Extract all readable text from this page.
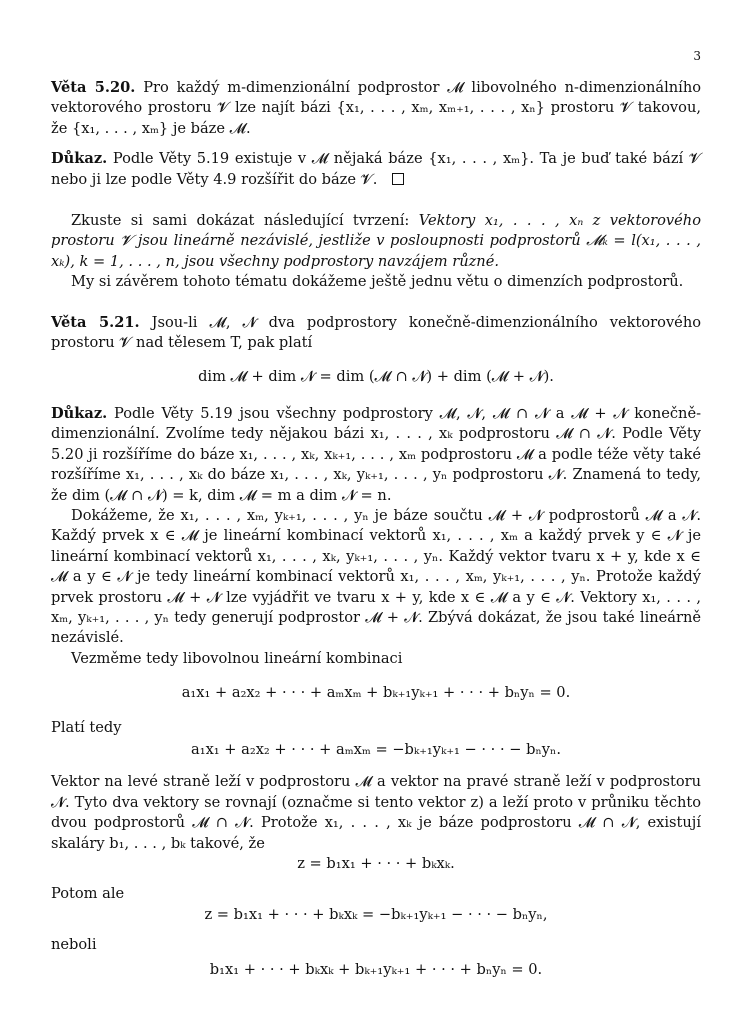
3

Věta 5.20. Pro každý m-dimenzionální podprostor 𝓜 libovolného n-dimenzionálního vektorového prostoru 𝓥 lze najít bázi {x₁, . . . , xₘ, xₘ₊₁, . . . , xₙ} prostoru 𝓥 takovou, že {x₁, . . . , xₘ} je báze 𝓜.

Důkaz. Podle Věty 5.19 existuje v 𝓜 nějaká báze {x₁, . . . , xₘ}. Ta je buď také bází 𝓥 nebo ji lze podle Věty 4.9 rozšířit do báze 𝓥.

Zkuste si sami dokázat následující tvrzení: Vektory x₁, . . . , xₙ z vektorového prostoru 𝓥 jsou lineárně nezávislé, jestliže v posloupnosti podprostorů 𝓜ₖ = l(x₁, . . . , xₖ), k = 1, . . . , n, jsou všechny podprostory navzájem různé.

My si závěrem tohoto tématu dokážeme ještě jednu větu o dimenzích podprostorů.

Věta 5.21. Jsou-li 𝓜, 𝓝 dva podprostory konečně-dimenzionálního vektorového prostoru 𝓥 nad tělesem T, pak platí

dim 𝓜 + dim 𝓝 = dim (𝓜 ∩ 𝓝) + dim (𝓜 + 𝓝).

Důkaz. Podle Věty 5.19 jsou všechny podprostory 𝓜, 𝓝, 𝓜 ∩ 𝓝 a 𝓜 + 𝓝 konečně-dimenzionální. Zvolíme tedy nějakou bázi x₁, . . . , xₖ podprostoru 𝓜 ∩ 𝓝. Podle Věty 5.20 ji rozšíříme do báze x₁, . . . , xₖ, xₖ₊₁, . . . , xₘ podprostoru 𝓜 a podle téže věty také rozšíříme x₁, . . . , xₖ do báze x₁, . . . , xₖ, yₖ₊₁, . . . , yₙ podprostoru 𝓝. Znamená to tedy, že dim (𝓜 ∩ 𝓝) = k, dim 𝓜 = m a dim 𝓝 = n.

Dokážeme, že x₁, . . . , xₘ, yₖ₊₁, . . . , yₙ je báze součtu 𝓜 + 𝓝 podprostorů 𝓜 a 𝓝. Každý prvek x ∈ 𝓜 je lineární kombinací vektorů x₁, . . . , xₘ a každý prvek y ∈ 𝓝 je lineární kombinací vektorů x₁, . . . , xₖ, yₖ₊₁, . . . , yₙ. Každý vektor tvaru x + y, kde x ∈ 𝓜 a y ∈ 𝓝 je tedy lineární kombinací vektorů x₁, . . . , xₘ, yₖ₊₁, . . . , yₙ. Protože každý prvek prostoru 𝓜 + 𝓝 lze vyjádřit ve tvaru x + y, kde x ∈ 𝓜 a y ∈ 𝓝. Vektory x₁, . . . , xₘ, yₖ₊₁, . . . , yₙ tedy generují podprostor 𝓜 + 𝓝. Zbývá dokázat, že jsou také lineárně nezávislé.

Vezměme tedy libovolnou lineární kombinaci

a₁x₁ + a₂x₂ + · · · + aₘxₘ + bₖ₊₁yₖ₊₁ + · · · + bₙyₙ = 0.

Platí tedy

a₁x₁ + a₂x₂ + · · · + aₘxₘ = −bₖ₊₁yₖ₊₁ − · · · − bₙyₙ.

Vektor na levé straně leží v podprostoru 𝓜 a vektor na pravé straně leží v podprostoru 𝓝. Tyto dva vektory se rovnají (označme si tento vektor z) a leží proto v průniku těchto dvou podprostorů 𝓜 ∩ 𝓝. Protože x₁, . . . , xₖ je báze podprostoru 𝓜 ∩ 𝓝, existují skaláry b₁, . . . , bₖ takové, že

z = b₁x₁ + · · · + bₖxₖ.

Potom ale

z = b₁x₁ + · · · + bₖxₖ = −bₖ₊₁yₖ₊₁ − · · · − bₙyₙ,

neboli

b₁x₁ + · · · + bₖxₖ + bₖ₊₁yₖ₊₁ + · · · + bₙyₙ = 0.
